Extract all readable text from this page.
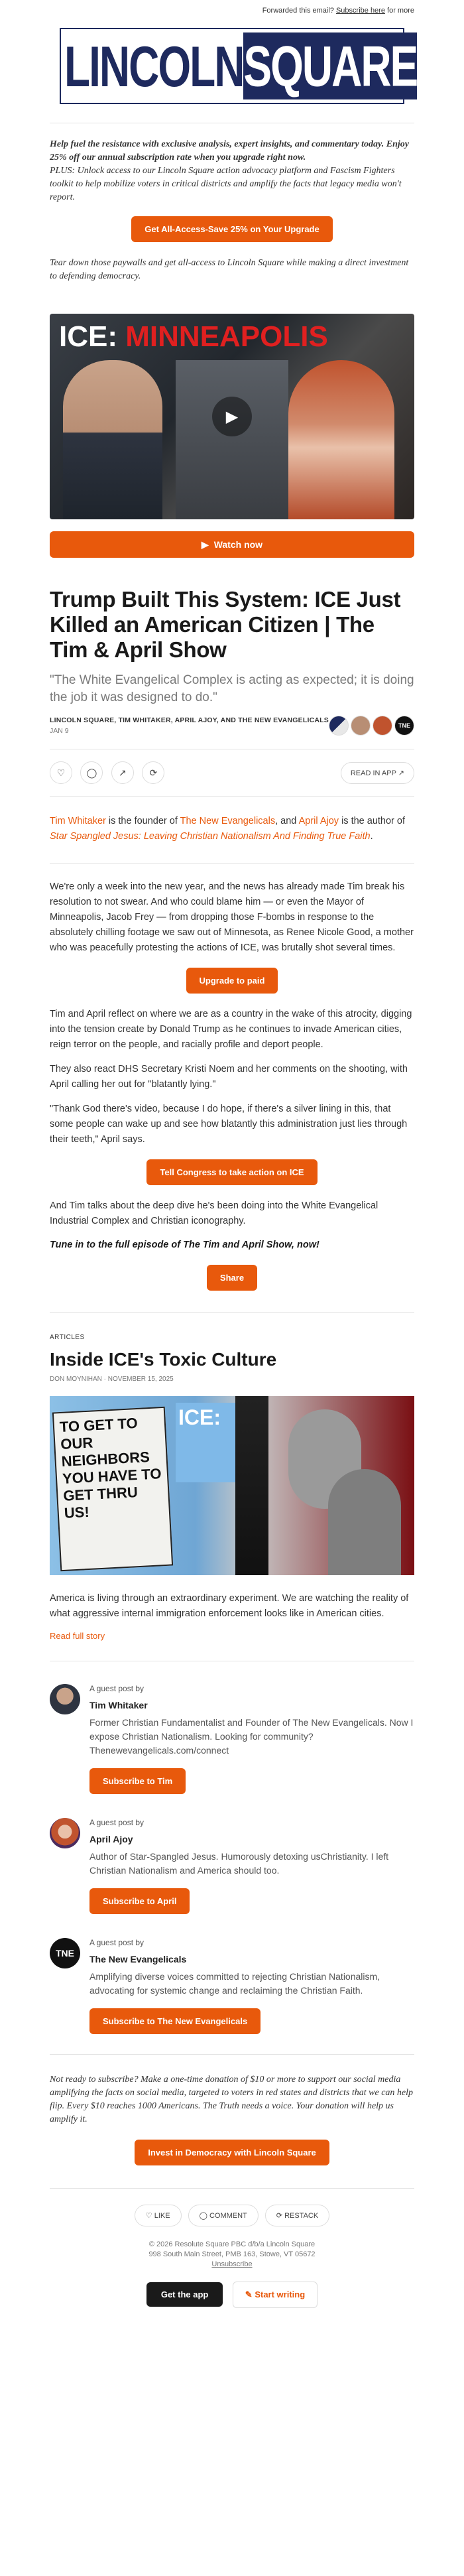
Forwarded this email? Subscribe here for more
LINCOLN SQUARE

Help fuel the resistance with exclusive analysis, expert insights, and commentary today. Enjoy 25% off our annual subscription rate when you upgrade right now.

PLUS: Unlock access to our Lincoln Square action advocacy platform and Fascism Fighters toolkit to help mobilize voters in critical districts and amplify the facts that legacy media won't report.

Get All-Access-Save 25% on Your Upgrade

Tear down those paywalls and get all-access to Lincoln Square while making a direct investment to defending democracy.

ICE: MINNEAPOLIS
▶
▶ Watch now
Trump Built This System: ICE Just Killed an American Citizen | The Tim & April Show

"The White Evangelical Complex is acting as expected; it is doing the job it was designed to do."

LINCOLN SQUARE, TIM WHITAKER, APRIL AJOY, AND THE NEW EVANGELICALS
JAN 9
TNE
♡ ◯ ↗ ⟳	READ IN APP ↗

Tim Whitaker is the founder of The New Evangelicals, and April Ajoy is the author of Star Spangled Jesus: Leaving Christian Nationalism And Finding True Faith.

We're only a week into the new year, and the news has already made Tim break his resolution to not swear. And who could blame him — or even the Mayor of Minneapolis, Jacob Frey — from dropping those F-bombs in response to the absolutely chilling footage we saw out of Minnesota, as Renee Nicole Good, a mother who was peacefully protesting the actions of ICE, was brutally shot several times.

Upgrade to paid

Tim and April reflect on where we are as a country in the wake of this atrocity, digging into the tension create by Donald Trump as he continues to invade American cities, reign terror on the people, and racially profile and deport people.

They also react DHS Secretary Kristi Noem and her comments on the shooting, with April calling her out for "blatantly lying."

"Thank God there's video, because I do hope, if there's a silver lining in this, that some people can wake up and see how blatantly this administration just lies through their teeth," April says.

Tell Congress to take action on ICE

And Tim talks about the deep dive he's been doing into the White Evangelical Industrial Complex and Christian iconography.

Tune in to the full episode of The Tim and April Show, now!

Share
ARTICLES
Inside ICE's Toxic Culture
DON MOYNIHAN · NOVEMBER 15, 2025
TO GET TO OUR NEIGHBORS YOU HAVE TO GET THRU US!
ICE:

America is living through an extraordinary experiment. We are watching the reality of what aggressive internal immigration enforcement looks like in American cities.

Read full story
A guest post by
Tim Whitaker
Former Christian Fundamentalist and Founder of The New Evangelicals. Now I expose Christian Nationalism. Looking for community? Thenewevangelicals.com/connect
Subscribe to Tim
A guest post by
April Ajoy
Author of Star-Spangled Jesus. Humorously detoxing usChristianity. I left Christian Nationalism and America should too.
Subscribe to April
TNE
A guest post by
The New Evangelicals
Amplifying diverse voices committed to rejecting Christian Nationalism, advocating for systemic change and reclaiming the Christian Faith.
Subscribe to The New Evangelicals

Not ready to subscribe? Make a one-time donation of $10 or more to support our social media amplifying the facts on social media, targeted to voters in red states and districts that we can help flip. Every $10 reaches 1000 Americans. The Truth needs a voice. Your donation will help us amplify it.

Invest in Democracy with Lincoln Square
♡ LIKE	◯ COMMENT	⟳ RESTACK
© 2026 Resolute Square PBC d/b/a Lincoln Square
998 South Main Street, PMB 163, Stowe, VT 05672
Unsubscribe
Get the app	✎ Start writing
